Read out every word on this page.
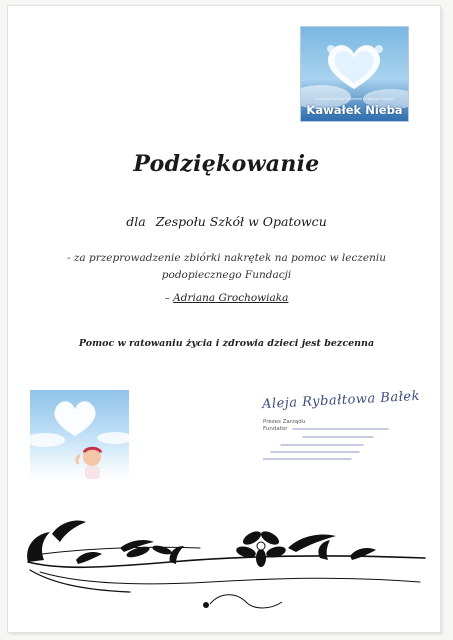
Fundacja Pomocy Dzieciom i Chorym Osobom
Kawałek Nieba
Podziękowanie
dla Zespołu Szkół w Opatowcu
- za przeprowadzenie zbiórki nakrętek na pomoc w leczeniu
podopiecznego Fundacji
– Adriana Grochowiaka
Pomoc w ratowaniu życia i zdrowia dzieci jest bezcenna
Aleja Rybałtowa Bałek
Prezes Zarządu
Fundator
